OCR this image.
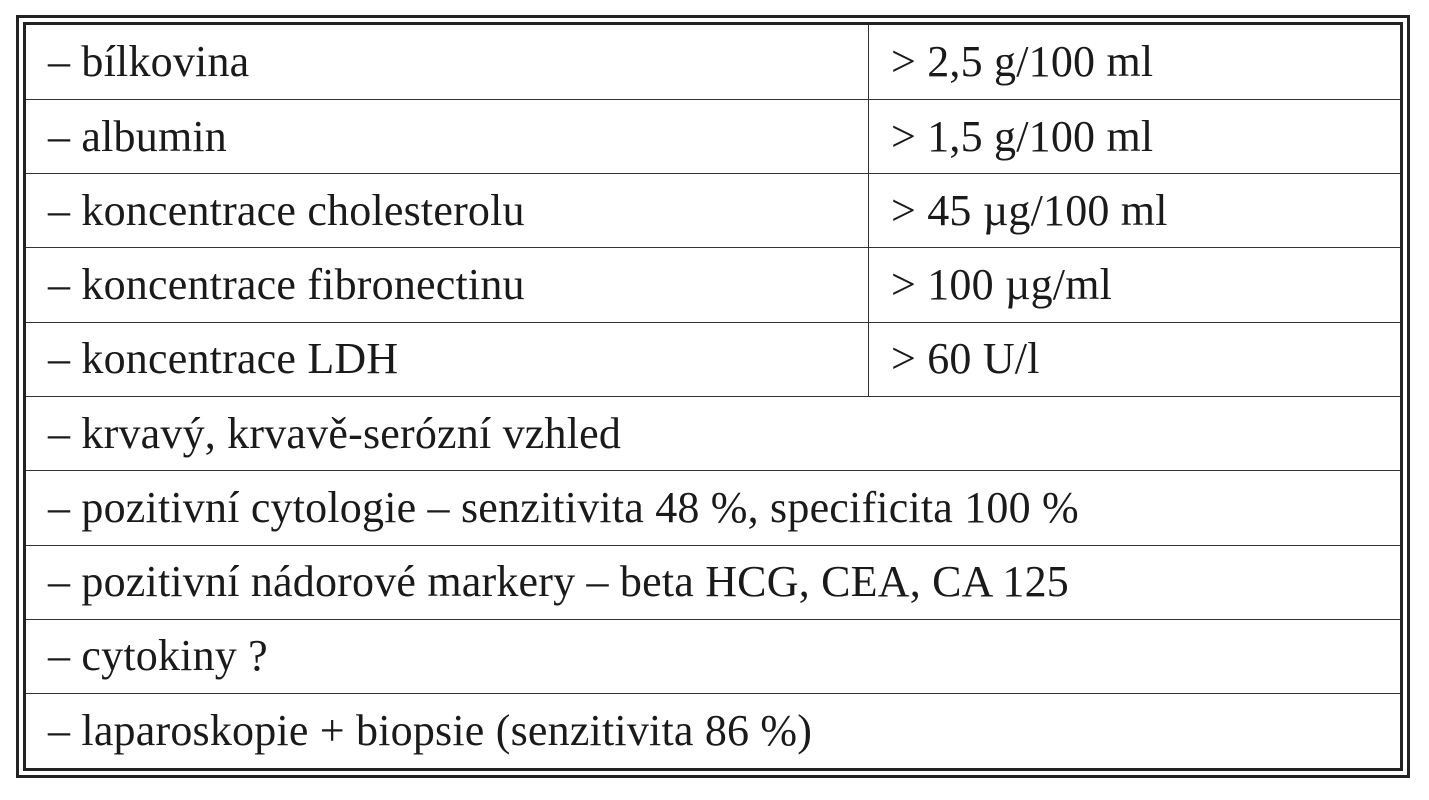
– bílkovina	> 2,5 g/100 ml
– albumin	> 1,5 g/100 ml
– koncentrace cholesterolu	> 45 µg/100 ml
– koncentrace fibronectinu	> 100 µg/ml
– koncentrace LDH	> 60 U/l
– krvavý, krvavě-serózní vzhled	
– pozitivní cytologie – senzitivita 48 %, specificita 100 %	
– pozitivní nádorové markery – beta HCG, CEA, CA 125	
– cytokiny ?	
– laparoskopie + biopsie (senzitivita 86 %)	
